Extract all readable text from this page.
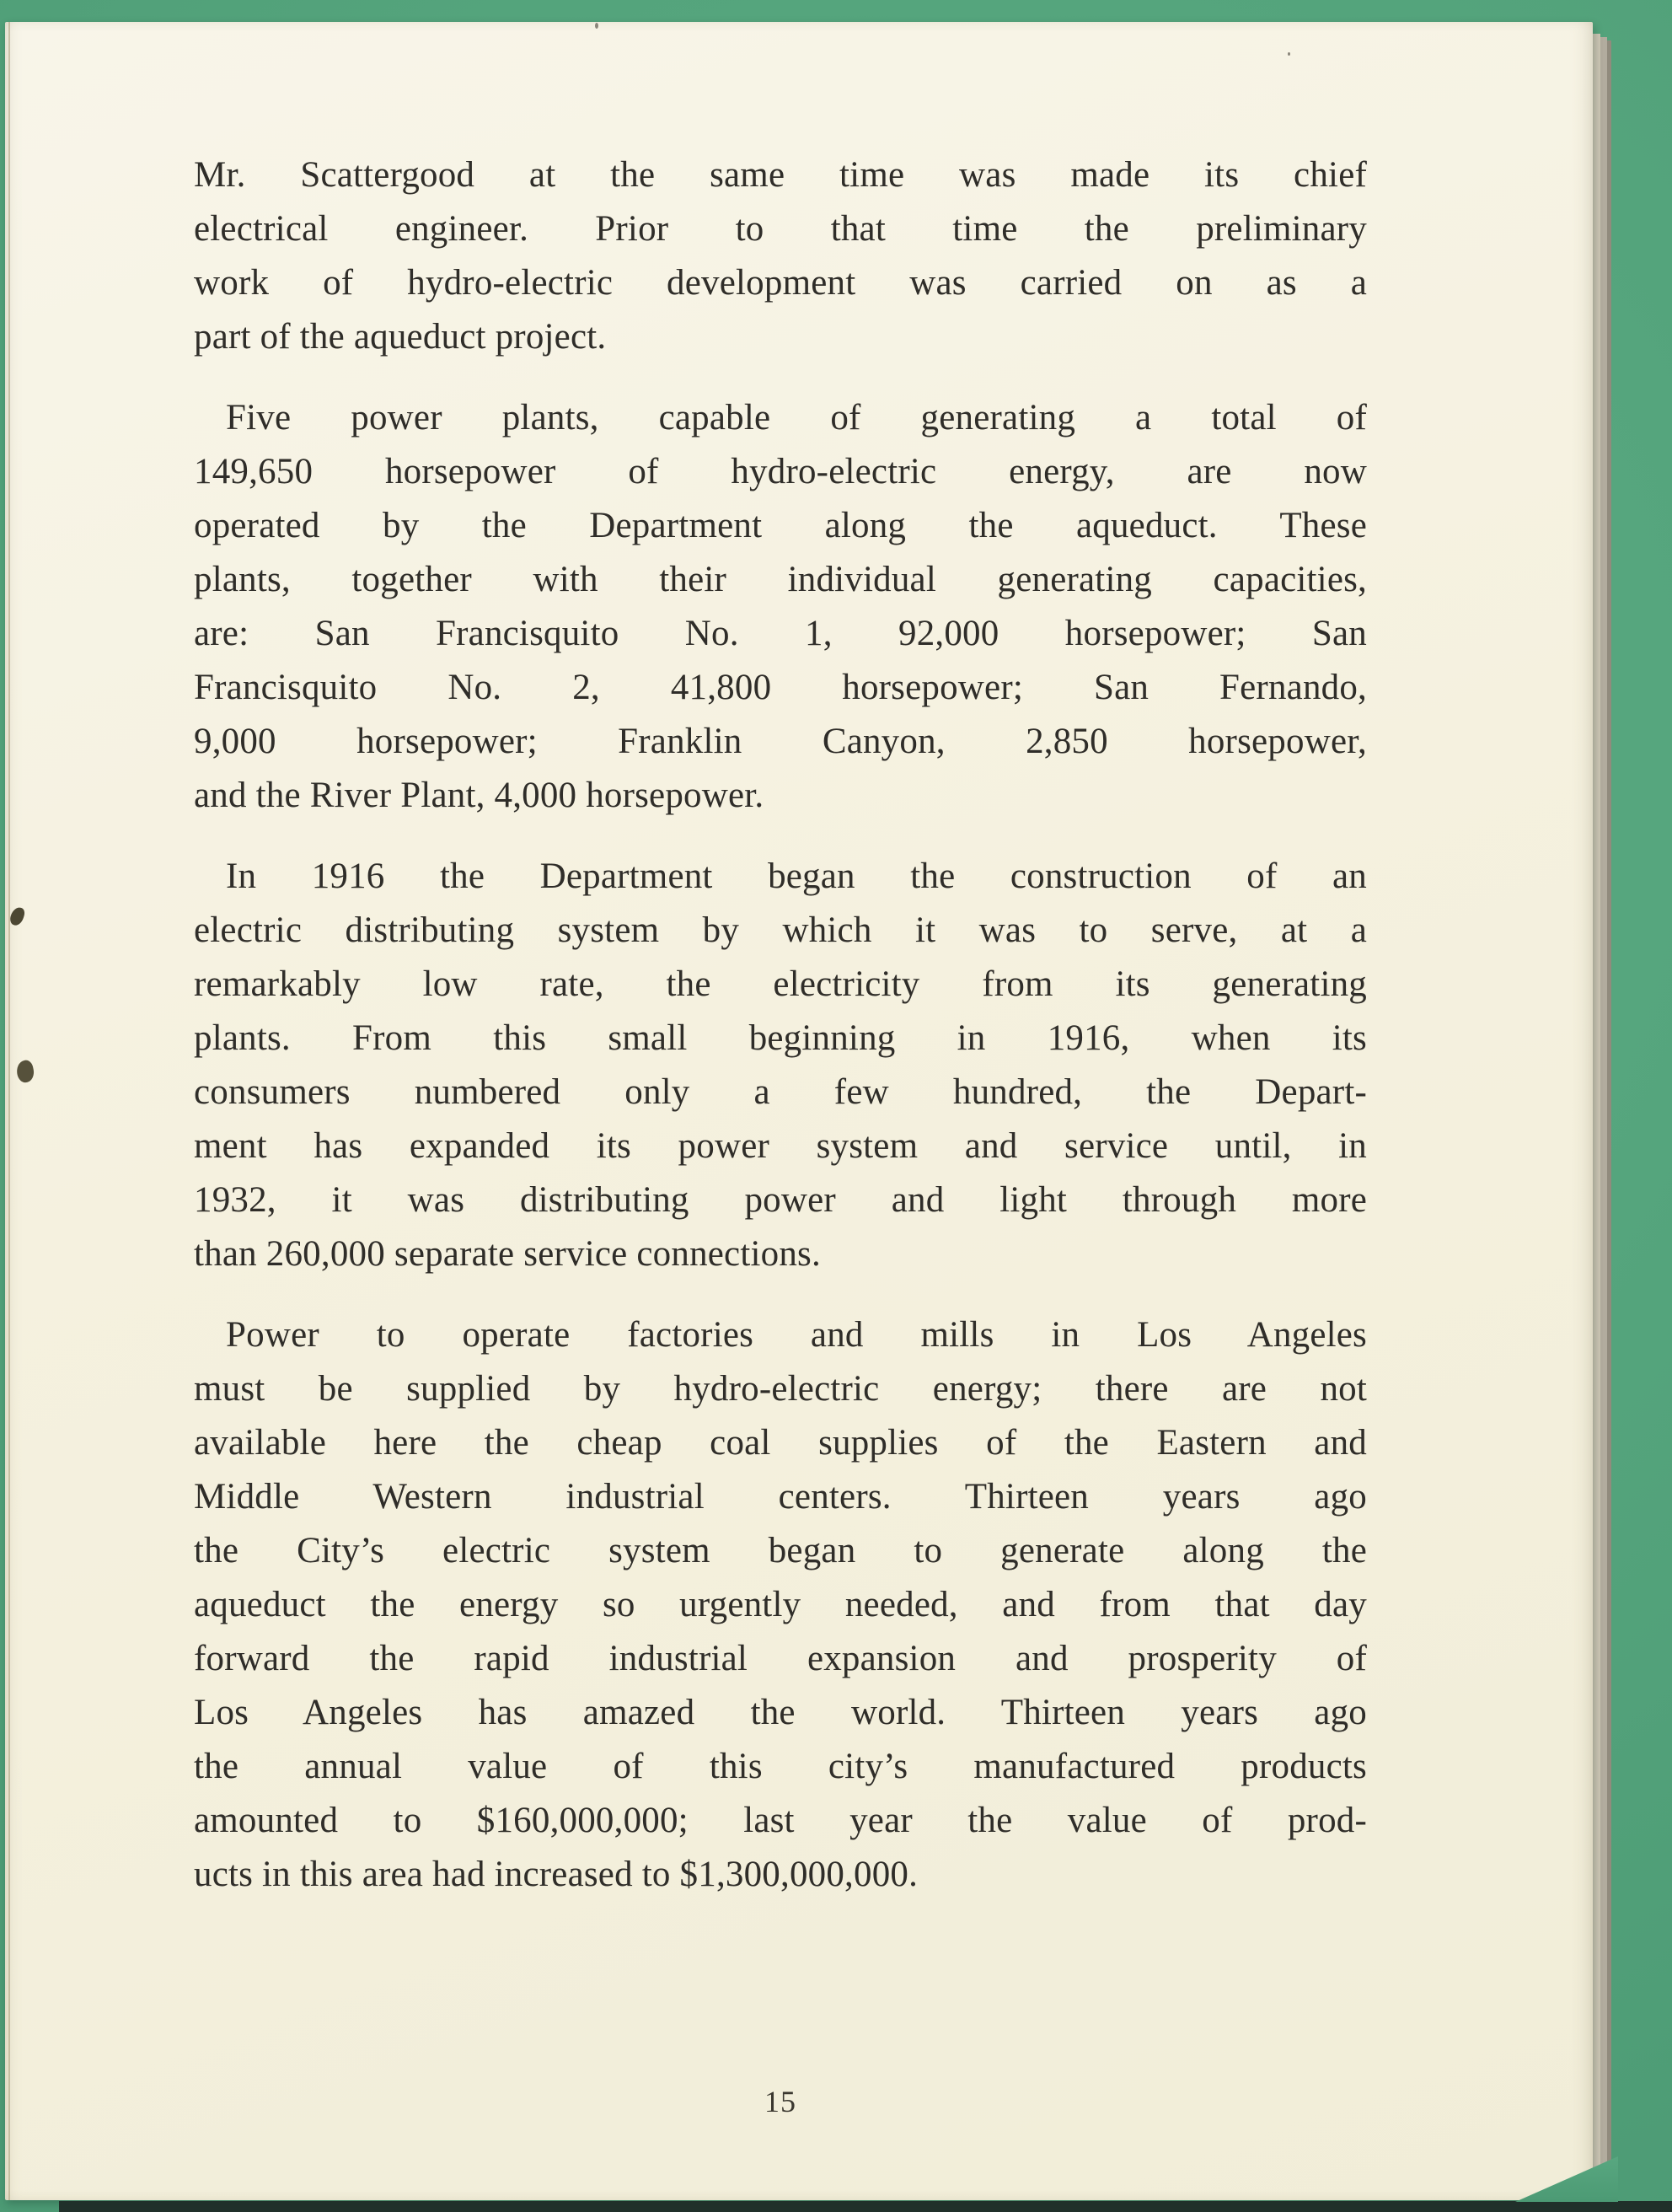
Mr. Scattergood at the same time was made its chief
electrical engineer. Prior to that time the preliminary
work of hydro-electric development was carried on as a
part of the aqueduct project.

Five power plants, capable of generating a total of
149,650 horsepower of hydro-electric energy, are now
operated by the Department along the aqueduct. These
plants, together with their individual generating capacities,
are: San Francisquito No. 1, 92,000 horsepower; San
Francisquito No. 2, 41,800 horsepower; San Fernando,
9,000 horsepower; Franklin Canyon, 2,850 horsepower,
and the River Plant, 4,000 horsepower.

In 1916 the Department began the construction of an
electric distributing system by which it was to serve, at a
remarkably low rate, the electricity from its generating
plants. From this small beginning in 1916, when its
consumers numbered only a few hundred, the Depart-
ment has expanded its power system and service until, in
1932, it was distributing power and light through more
than 260,000 separate service connections.

Power to operate factories and mills in Los Angeles
must be supplied by hydro-electric energy; there are not
available here the cheap coal supplies of the Eastern and
Middle Western industrial centers. Thirteen years ago
the City’s electric system began to generate along the
aqueduct the energy so urgently needed, and from that day
forward the rapid industrial expansion and prosperity of
Los Angeles has amazed the world. Thirteen years ago
the annual value of this city’s manufactured products
amounted to $160,000,000; last year the value of prod-
ucts in this area had increased to $1,300,000,000.

15
